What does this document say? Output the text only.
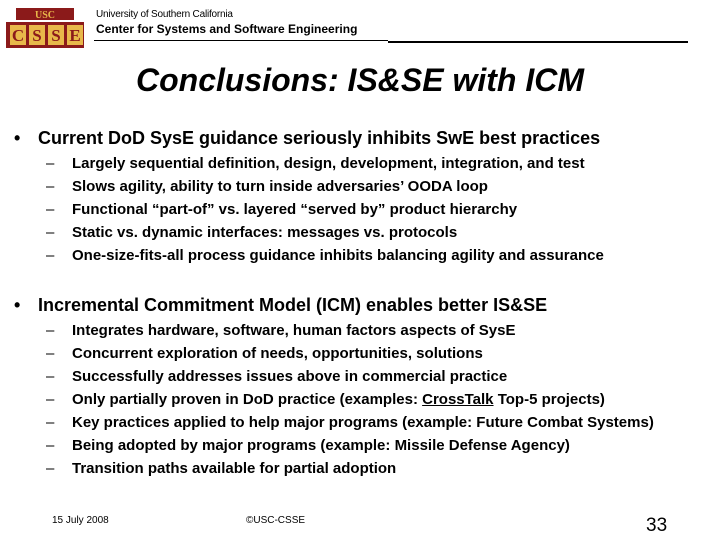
USC
C S S E
University of Southern California
Center for Systems and Software Engineering
Conclusions: IS&SE with ICM
• Current DoD SysE guidance seriously inhibits SwE best practices
– Largely sequential definition, design, development, integration, and test
– Slows agility, ability to turn inside adversaries’ OODA loop
– Functional “part-of” vs. layered “served by” product hierarchy
– Static vs. dynamic interfaces: messages vs. protocols
– One-size-fits-all process guidance inhibits balancing agility and assurance
• Incremental Commitment Model (ICM) enables better IS&SE
– Integrates hardware, software, human factors aspects of SysE
– Concurrent exploration of needs, opportunities, solutions
– Successfully addresses issues above in commercial practice
– Only partially proven in DoD practice (examples: CrossTalk Top-5 projects)
– Key practices applied to help major programs (example: Future Combat Systems)
– Being adopted by major programs (example: Missile Defense Agency)
– Transition paths available for partial adoption
15 July 2008	©USC-CSSE	33
